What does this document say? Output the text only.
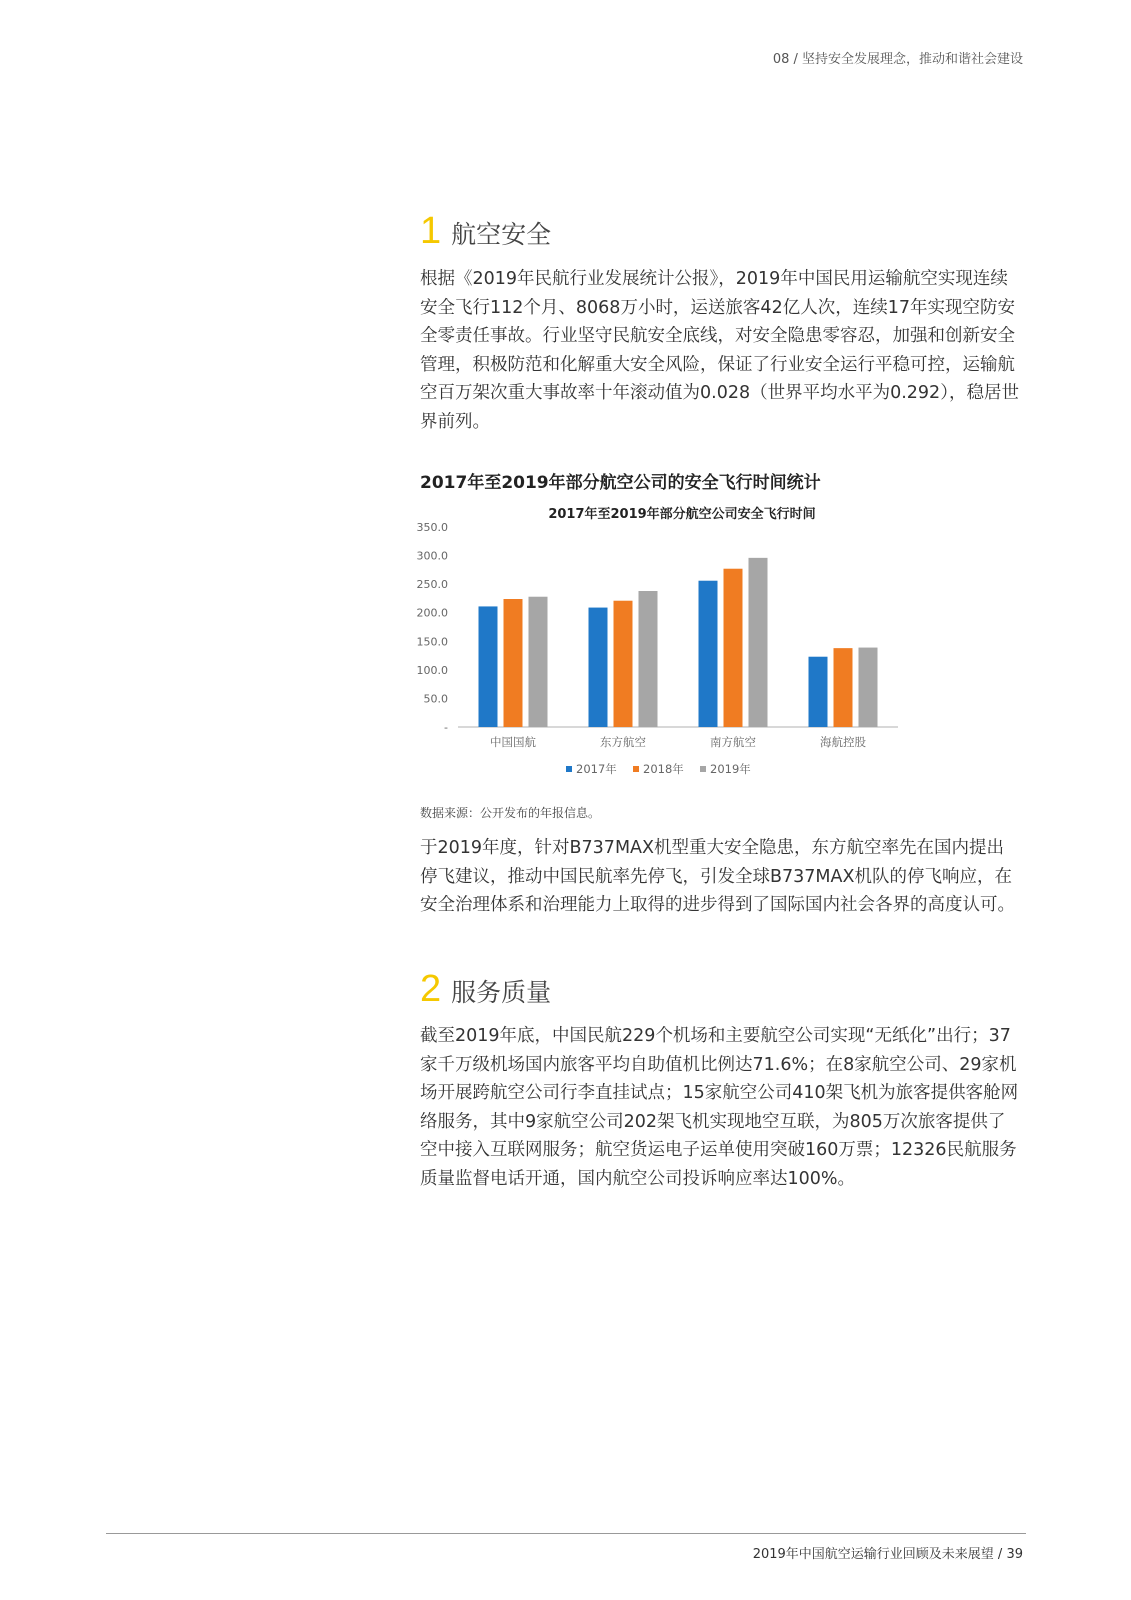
08 / 坚持安全发展理念，推动和谐社会建设
1 航空安全

根据《2019年民航行业发展统计公报》，2019年中国民用运输航空实现连续安全飞行112个月、8068万小时，运送旅客42亿人次，连续17年实现空防安全零责任事故。行业坚守民航安全底线，对安全隐患零容忍，加强和创新安全管理，积极防范和化解重大安全风险，保证了行业安全运行平稳可控，运输航空百万架次重大事故率十年滚动值为0.028（世界平均水平为0.292），稳居世界前列。

2017年至2019年部分航空公司的安全飞行时间统计
2017年至2019年部分航空公司安全飞行时间
-
50.0
100.0
150.0
200.0
250.0
300.0
350.0
中国国航	东方航空	南方航空	海航控股
2017年 2018年 2019年
数据来源：公开发布的年报信息。

于2019年度，针对B737MAX机型重大安全隐患，东方航空率先在国内提出停飞建议，推动中国民航率先停飞，引发全球B737MAX机队的停飞响应，在安全治理体系和治理能力上取得的进步得到了国际国内社会各界的高度认可。

2 服务质量

截至2019年底，中国民航229个机场和主要航空公司实现“无纸化”出行；37家千万级机场国内旅客平均自助值机比例达71.6%；在8家航空公司、29家机场开展跨航空公司行李直挂试点；15家航空公司410架飞机为旅客提供客舱网络服务，其中9家航空公司202架飞机实现地空互联，为805万次旅客提供了空中接入互联网服务；航空货运电子运单使用突破160万票；12326民航服务质量监督电话开通，国内航空公司投诉响应率达100%。

2019年中国航空运输行业回顾及未来展望 / 39
